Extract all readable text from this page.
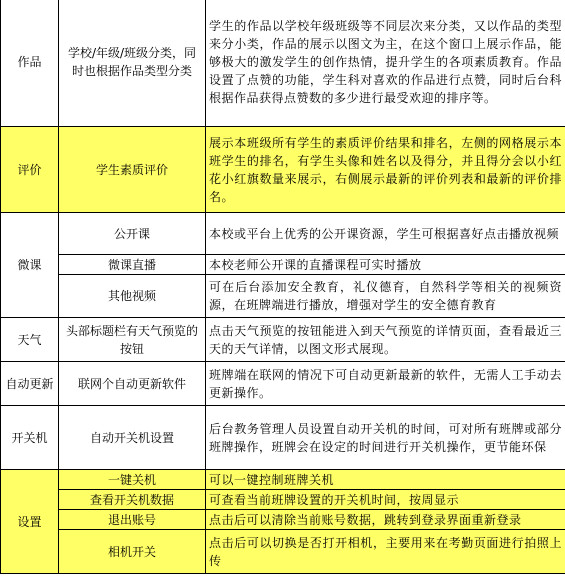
作品	学校/年级/班级分类，同时也根据作品类型分类	学生的作品以学校年级班级等不同层次来分类，又以作品的类型来分小类，作品的展示以图文为主，在这个窗口上展示作品，能够极大的激发学生的创作热情，提升学生的各项素质教育。作品设置了点赞的功能，学生科对喜欢的作品进行点赞，同时后台科根据作品获得点赞数的多少进行最受欢迎的排序等。
评价	学生素质评价	展示本班级所有学生的素质评价结果和排名，左侧的网格展示本班学生的排名，有学生头像和姓名以及得分，并且得分会以小红花小红旗数量来展示，右侧展示最新的评价列表和最新的评价排名。
微课	公开课	本校或平台上优秀的公开课资源，学生可根据喜好点击播放视频
	微课直播	本校老师公开课的直播课程可实时播放
	其他视频	可在后台添加安全教育，礼仪德育，自然科学等相关的视频资源，在班牌端进行播放，增强对学生的安全德育教育
天气	头部标题栏有天气预览的按钮	点击天气预览的按钮能进入到天气预览的详情页面，查看最近三天的天气详情，以图文形式展现。
自动更新	联网个自动更新软件	班牌端在联网的情况下可自动更新最新的软件，无需人工手动去更新操作。
开关机	自动开关机设置	后台教务管理人员设置自动开关机的时间，可对所有班牌或部分班牌操作，班牌会在设定的时间进行开关机操作，更节能环保
设置	一键关机	可以一键控制班牌关机
	查看开关机数据	可查看当前班牌设置的开关机时间，按周显示
	退出账号	点击后可以清除当前账号数据，跳转到登录界面重新登录
	相机开关	点击后可以切换是否打开相机，主要用来在考勤页面进行拍照上传
